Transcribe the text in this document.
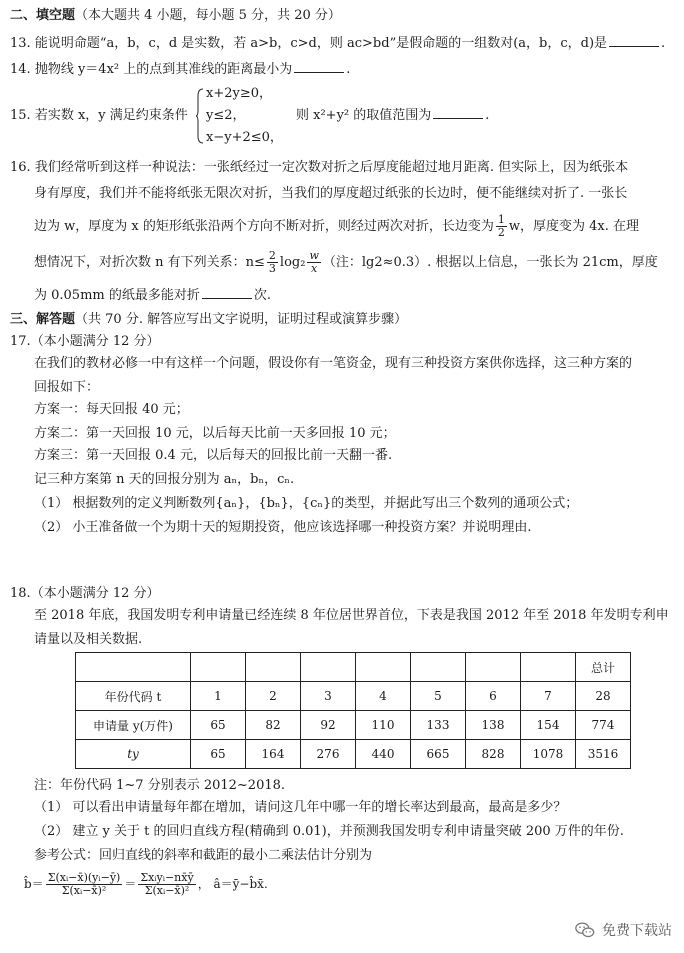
二、填空题（本大题共 4 小题，每小题 5 分，共 20 分）
13. 能说明命题“a，b，c，d 是实数，若 a>b，c>d，则 ac>bd”是假命题的一组数对(a，b，c，d)是	.
14. 抛物线 y＝4x² 上的点到其准线的距离最小为	.
15. 若实数 x，y 满足约束条件
x+2y≥0，
y≤2，
x−y+2≤0，
则 x²+y² 的取值范围为	.
16. 我们经常听到这样一种说法：一张纸经过一定次数对折之后厚度能超过地月距离. 但实际上，因为纸张本
身有厚度，我们并不能将纸张无限次对折，当我们的厚度超过纸张的长边时，便不能继续对折了. 一张长
边为 w，厚度为 x 的矩形纸张沿两个方向不断对折，则经过两次对折，长边变为 $\frac{1}{2}$ w，厚度变为 4x. 在理
想情况下，对折次数 n 有下列关系：$n\le \frac{2}{3} \log_2 \frac{w}{x}$ （注：lg2≈0.3）. 根据以上信息，一张长为 21cm，厚度
为 0.05mm 的纸最多能对折	次.
三、解答题（共 70 分. 解答应写出文字说明，证明过程或演算步骤）
17.（本小题满分 12 分）
在我们的教材必修一中有这样一个问题，假设你有一笔资金，现有三种投资方案供你选择，这三种方案的
回报如下：
方案一：每天回报 40 元；
方案二：第一天回报 10 元，以后每天比前一天多回报 10 元；
方案三：第一天回报 0.4 元，以后每天的回报比前一天翻一番.
记三种方案第 n 天的回报分别为 aₙ，bₙ，cₙ.
（1） 根据数列的定义判断数列{aₙ}，{bₙ}，{cₙ}的类型，并据此写出三个数列的通项公式；
（2） 小王准备做一个为期十天的短期投资，他应该选择哪一种投资方案？并说明理由.
18.（本小题满分 12 分）
至 2018 年底，我国发明专利申请量已经连续 8 年位居世界首位，下表是我国 2012 年至 2018 年发明专利申
请量以及相关数据.
								总计
年份代码 t	1	2	3	4	5	6	7	28
申请量 y(万件)	65	82	92	110	133	138	154	774
ty	65	164	276	440	665	828	1078	3516
注：年份代码 1~7 分别表示 2012~2018.
（1） 可以看出申请量每年都在增加，请问这几年中哪一年的增长率达到最高，最高是多少？
（2） 建立 y 关于 t 的回归直线方程(精确到 0.01)，并预测我国发明专利申请量突破 200 万件的年份.
参考公式：回归直线的斜率和截距的最小二乘法估计分别为
b̂＝ $\frac{\text{Σ(xᵢ−x̄)(yᵢ−ȳ)}}{\text{Σ(xᵢ−x̄)²}} = \frac{\text{Σxᵢyᵢ−nx̄ȳ}}{\text{Σ(xᵢ−x̄)²}}$ ， â＝ȳ−b̂x̄.
免费下载站
